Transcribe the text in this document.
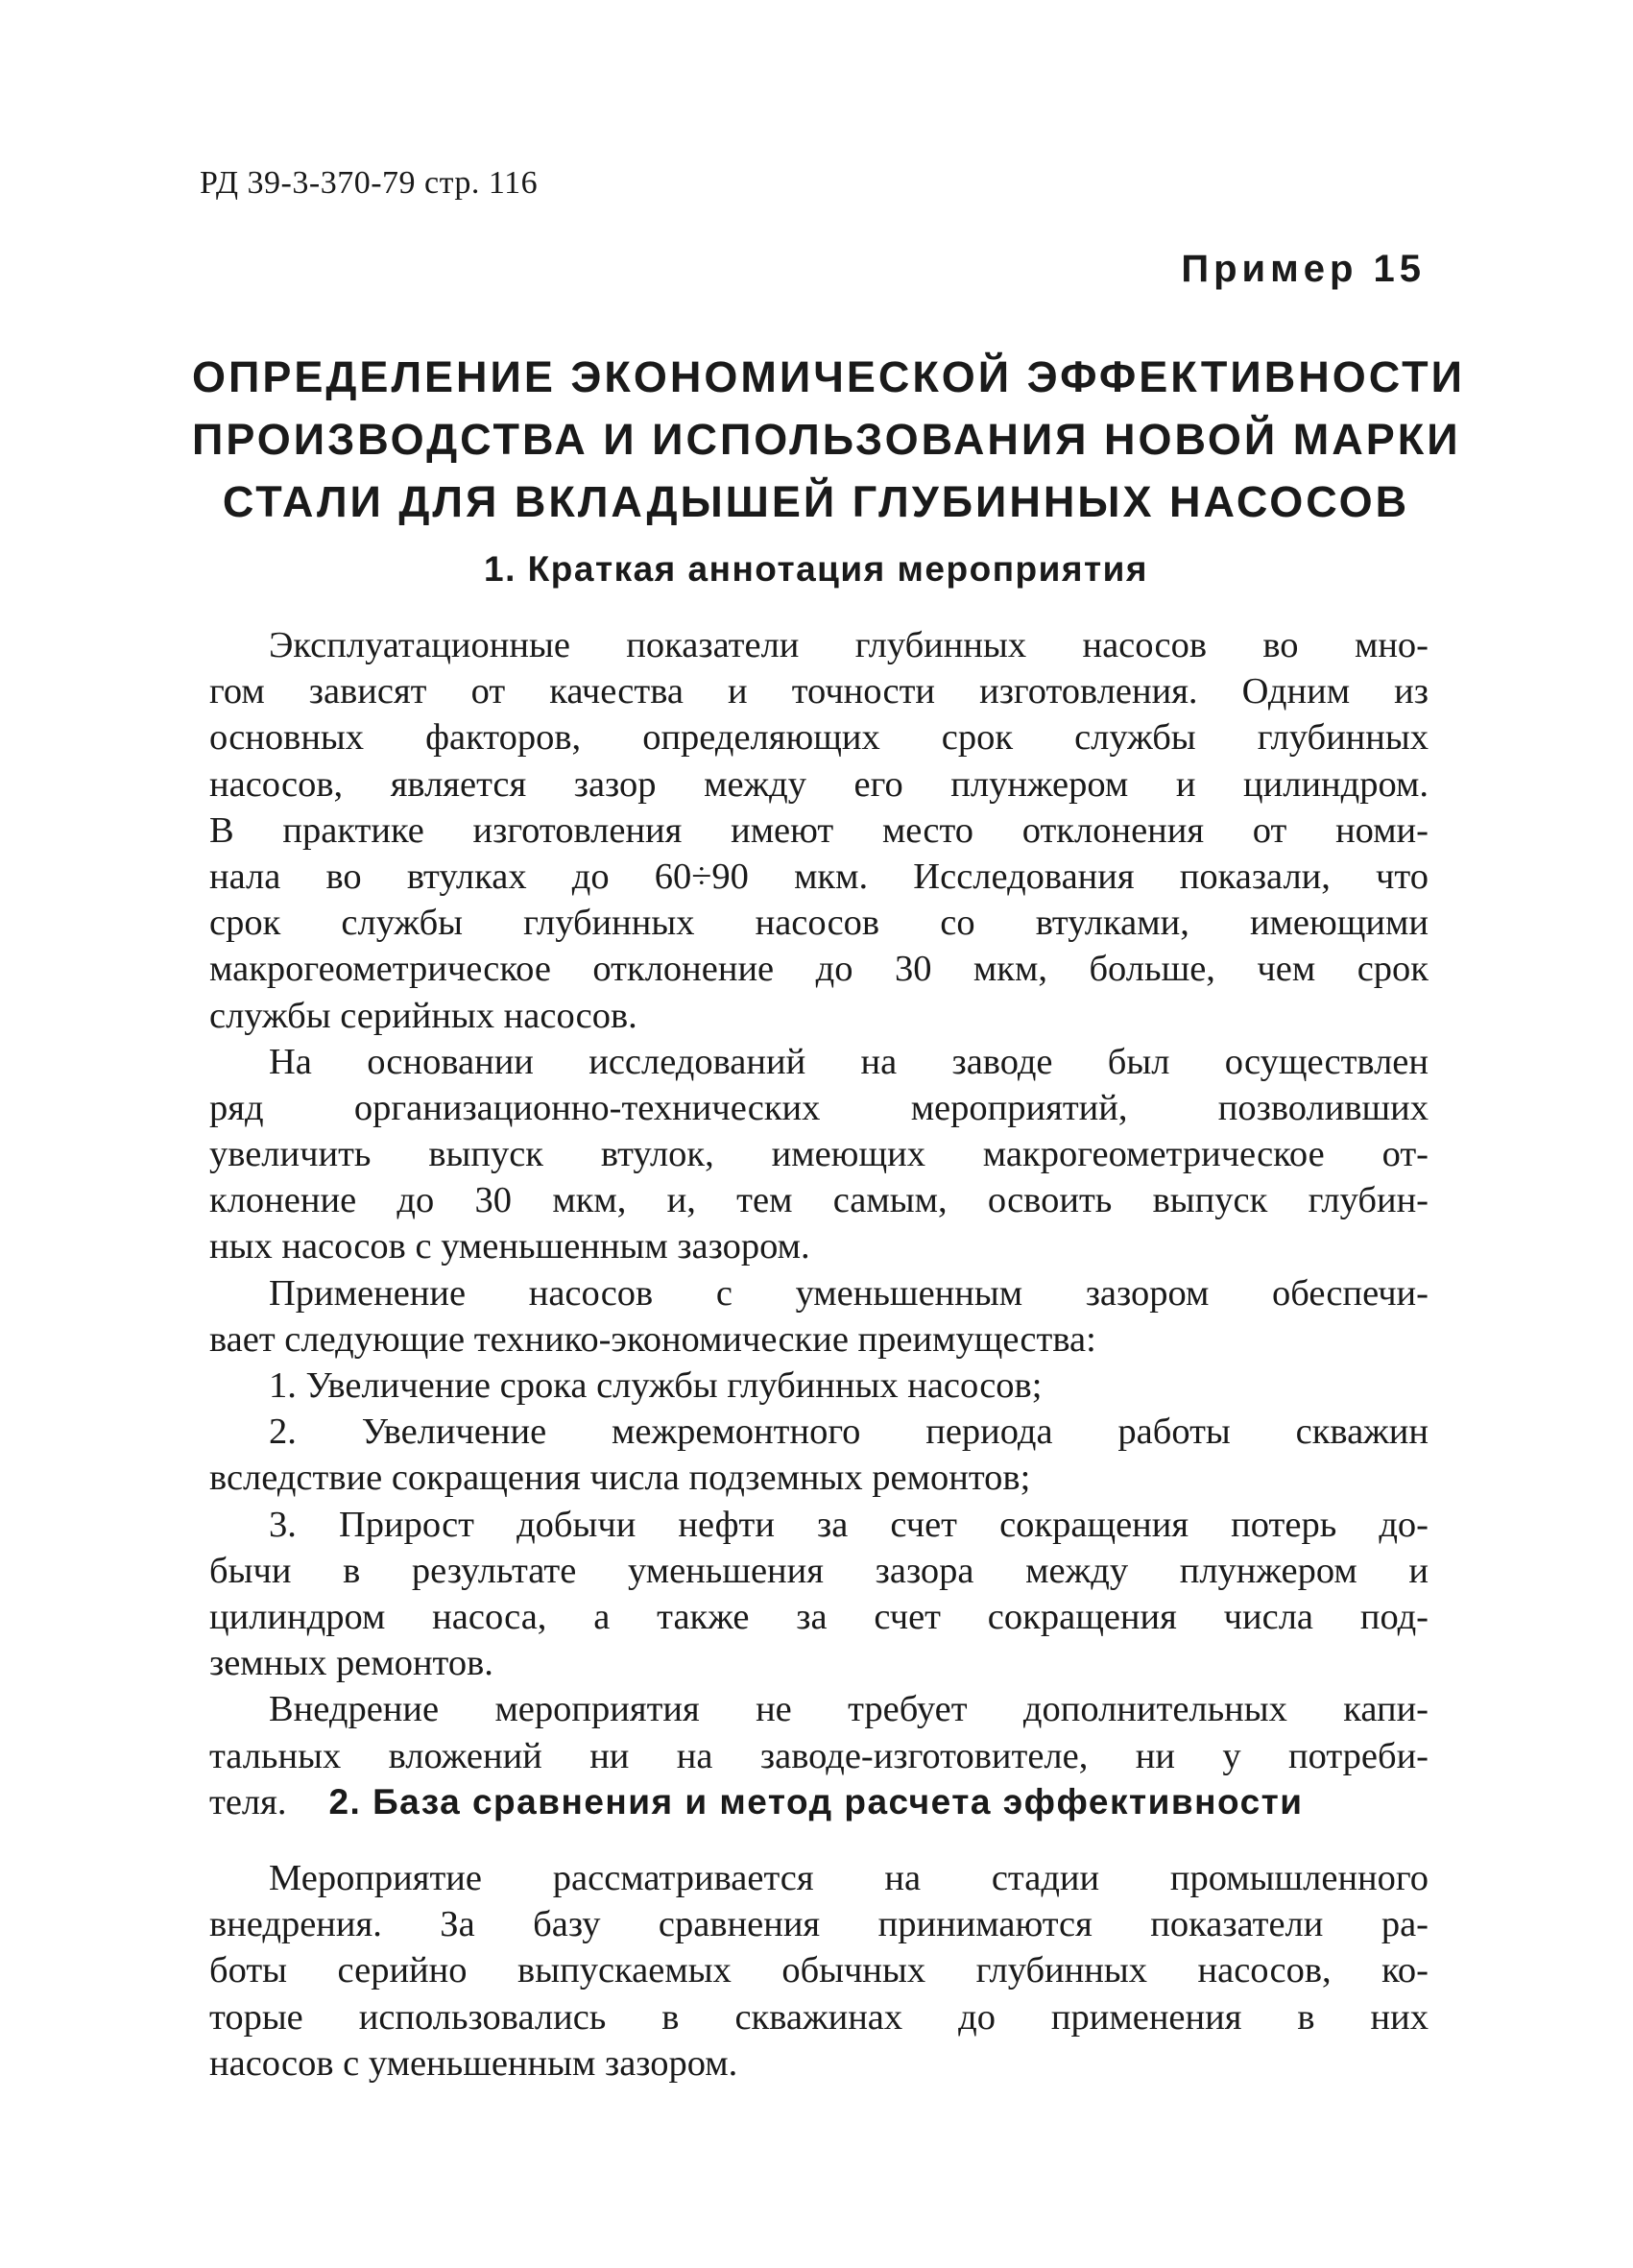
РД 39-3-370-79 стр. 116
Пример 15
ОПРЕДЕЛЕНИЕ ЭКОНОМИЧЕСКОЙ ЭФФЕКТИВНОСТИ
ПРОИЗВОДСТВА И ИСПОЛЬЗОВАНИЯ НОВОЙ МАРКИ
СТАЛИ ДЛЯ ВКЛАДЫШЕЙ ГЛУБИННЫХ НАСОСОВ
1. Краткая аннотация мероприятия
Эксплуатационные показатели глубинных насосов во мно-
гом зависят от качества и точности изготовления. Одним из
основных факторов, определяющих срок службы глубинных
насосов, является зазор между его плунжером и цилиндром.
В практике изготовления имеют место отклонения от номи-
нала во втулках до 60÷90 мкм. Исследования показали, что
срок службы глубинных насосов со втулками, имеющими
макрогеометрическое отклонение до 30 мкм, больше, чем срок
службы серийных насосов.
На основании исследований на заводе был осуществлен
ряд организационно-технических мероприятий, позволивших
увеличить выпуск втулок, имеющих макрогеометрическое от-
клонение до 30 мкм, и, тем самым, освоить выпуск глубин-
ных насосов с уменьшенным зазором.
Применение насосов с уменьшенным зазором обеспечи-
вает следующие технико-экономические преимущества:
1. Увеличение срока службы глубинных насосов;
2. Увеличение межремонтного периода работы скважин
вследствие сокращения числа подземных ремонтов;
3. Прирост добычи нефти за счет сокращения потерь до-
бычи в результате уменьшения зазора между плунжером и
цилиндром насоса, а также за счет сокращения числа под-
земных ремонтов.
Внедрение мероприятия не требует дополнительных капи-
тальных вложений ни на заводе-изготовителе, ни у потреби-
теля.	2. База сравнения и метод расчета эффективности
Мероприятие рассматривается на стадии промышленного
внедрения. За базу сравнения принимаются показатели ра-
боты серийно выпускаемых обычных глубинных насосов, ко-
торые использовались в скважинах до применения в них
насосов с уменьшенным зазором.
